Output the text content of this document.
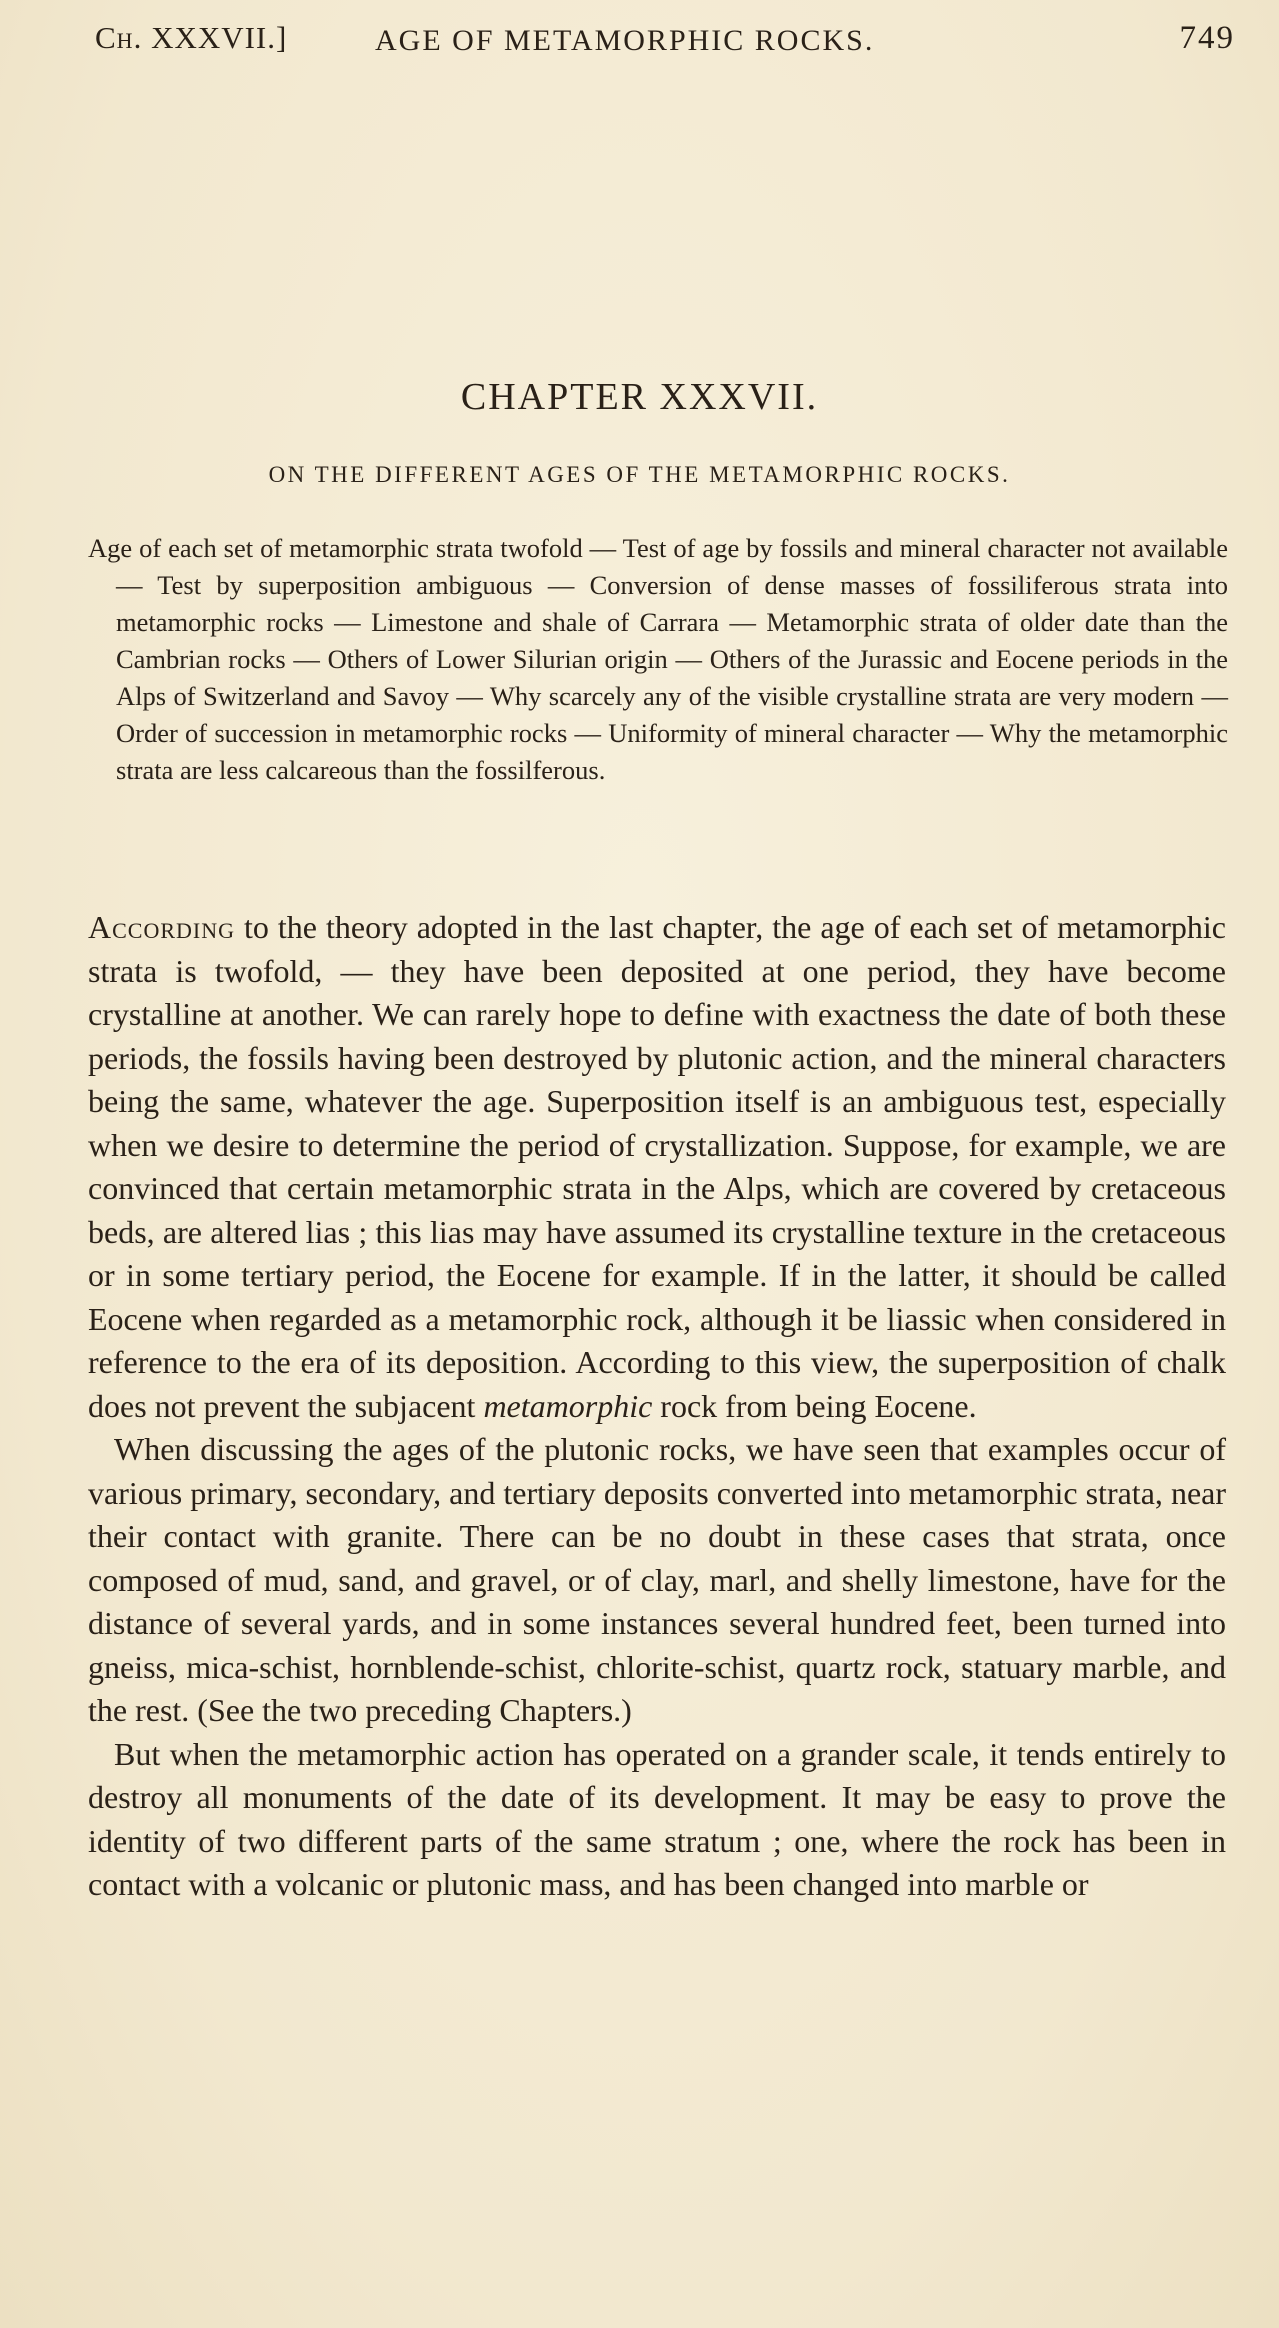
Ch. XXXVII.]	AGE OF METAMORPHIC ROCKS.	749
CHAPTER XXXVII.
ON THE DIFFERENT AGES OF THE METAMORPHIC ROCKS.

Age of each set of metamorphic strata twofold — Test of age by fossils and mineral character not available — Test by superposition ambiguous — Conversion of dense masses of fossiliferous strata into metamorphic rocks — Limestone and shale of Carrara — Metamorphic strata of older date than the Cambrian rocks — Others of Lower Silurian origin — Others of the Jurassic and Eocene periods in the Alps of Switzerland and Savoy — Why scarcely any of the visible crystalline strata are very modern — Order of succession in metamorphic rocks — Uniformity of mineral character — Why the metamorphic strata are less calcareous than the fossilferous.

According to the theory adopted in the last chapter, the age of each set of metamorphic strata is twofold, — they have been deposited at one period, they have become crystalline at another. We can rarely hope to define with exactness the date of both these periods, the fossils having been destroyed by plutonic action, and the mineral characters being the same, whatever the age. Superposition itself is an ambiguous test, especially when we desire to determine the period of crystallization. Suppose, for example, we are convinced that certain metamorphic strata in the Alps, which are covered by cretaceous beds, are altered lias ; this lias may have assumed its crystalline texture in the cretaceous or in some tertiary period, the Eocene for example. If in the latter, it should be called Eocene when regarded as a metamorphic rock, although it be liassic when considered in reference to the era of its deposition. According to this view, the superposition of chalk does not prevent the subjacent metamorphic rock from being Eocene.

When discussing the ages of the plutonic rocks, we have seen that examples occur of various primary, secondary, and tertiary deposits converted into metamorphic strata, near their contact with granite. There can be no doubt in these cases that strata, once composed of mud, sand, and gravel, or of clay, marl, and shelly limestone, have for the distance of several yards, and in some instances several hundred feet, been turned into gneiss, mica-schist, hornblende-schist, chlorite-schist, quartz rock, statuary marble, and the rest. (See the two preceding Chapters.)

But when the metamorphic action has operated on a grander scale, it tends entirely to destroy all monuments of the date of its development. It may be easy to prove the identity of two different parts of the same stratum ; one, where the rock has been in contact with a volcanic or plutonic mass, and has been changed into marble or
